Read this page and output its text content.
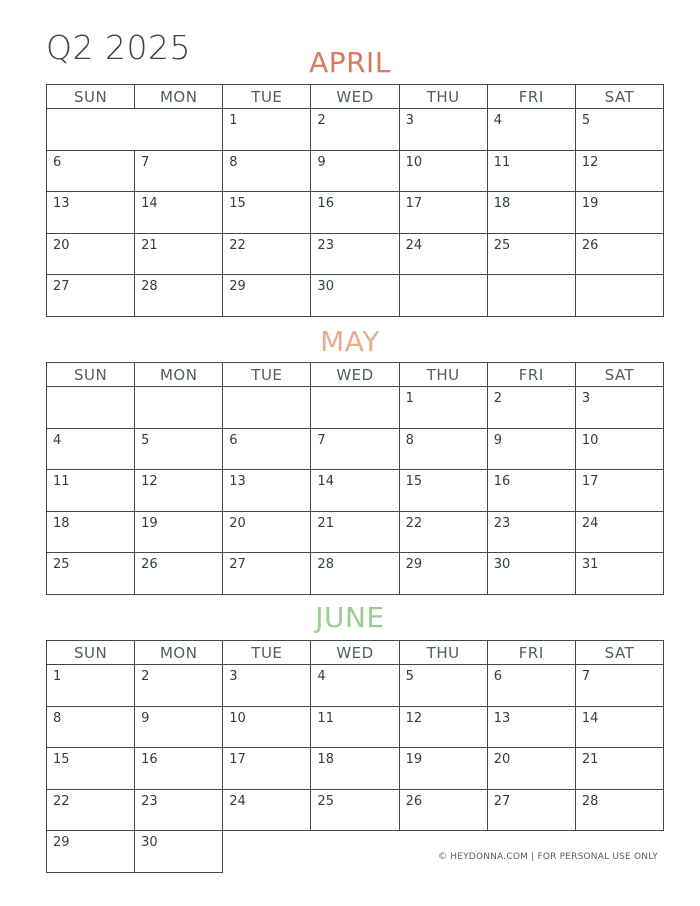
Q2 2025	APRIL
SUN	MON	TUE	WED	THU	FRI	SAT
		1	2	3	4	5
6	7	8	9	10	11	12
13	14	15	16	17	18	19
20	21	22	23	24	25	26
27	28	29	30			
MAY
SUN	MON	TUE	WED	THU	FRI	SAT
				1	2	3
4	5	6	7	8	9	10
11	12	13	14	15	16	17
18	19	20	21	22	23	24
25	26	27	28	29	30	31
JUNE
SUN	MON	TUE	WED	THU	FRI	SAT
1	2	3	4	5	6	7
8	9	10	11	12	13	14
15	16	17	18	19	20	21
22	23	24	25	26	27	28
29	30					
© HEYDONNA.COM | FOR PERSONAL USE ONLY
